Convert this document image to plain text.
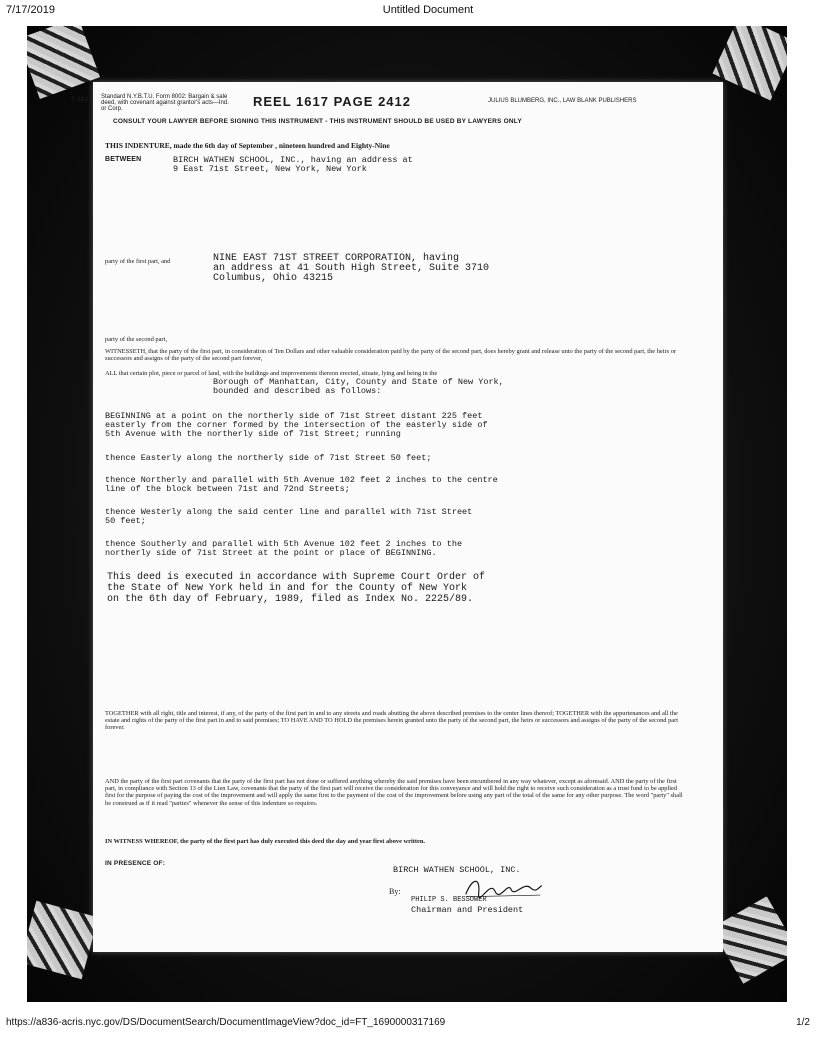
7/17/2019	Untitled Document
T 681 Standard N.Y.B.T.U. Form 8002: Bargain & sale deed, with covenant against grantor's acts—Ind. or Corp.	REEL 1617 PAGE 2412	JULIUS BLUMBERG, INC., LAW BLANK PUBLISHERS
CONSULT YOUR LAWYER BEFORE SIGNING THIS INSTRUMENT - THIS INSTRUMENT SHOULD BE USED BY LAWYERS ONLY
THIS INDENTURE, made the 6th day of September , nineteen hundred and Eighty-Nine
BETWEEN	BIRCH WATHEN SCHOOL, INC., having an address at
9 East 71st Street, New York, New York
party of the first part, and	NINE EAST 71ST STREET CORPORATION, having
an address at 41 South High Street, Suite 3710
Columbus, Ohio 43215
party of the second part,
WITNESSETH, that the party of the first part, in consideration of Ten Dollars and other valuable consideration paid by the party of the second part, does hereby grant and release unto the party of the second part, the heirs or successors and assigns of the party of the second part forever,
ALL that certain plot, piece or parcel of land, with the buildings and improvements thereon erected, situate, lying and being in the
Borough of Manhattan, City, County and State of New York,
bounded and described as follows:
BEGINNING at a point on the northerly side of 71st Street distant 225 feet
easterly from the corner formed by the intersection of the easterly side of
5th Avenue with the northerly side of 71st Street; running
thence Easterly along the northerly side of 71st Street 50 feet;
thence Northerly and parallel with 5th Avenue 102 feet 2 inches to the centre
line of the block between 71st and 72nd Streets;
thence Westerly along the said center line and parallel with 71st Street
50 feet;
thence Southerly and parallel with 5th Avenue 102 feet 2 inches to the
northerly side of 71st Street at the point or place of BEGINNING.
This deed is executed in accordance with Supreme Court Order of
the State of New York held in and for the County of New York
on the 6th day of February, 1989, filed as Index No. 2225/89.
TOGETHER with all right, title and interest, if any, of the party of the first part in and to any streets and roads abutting the above described premises to the center lines thereof; TOGETHER with the appurtenances and all the estate and rights of the party of the first part in and to said premises; TO HAVE AND TO HOLD the premises herein granted unto the party of the second part, the heirs or successors and assigns of the party of the second part forever.
AND the party of the first part covenants that the party of the first part has not done or suffered anything whereby the said premises have been encumbered in any way whatever, except as aforesaid. AND the party of the first part, in compliance with Section 13 of the Lien Law, covenants that the party of the first part will receive the consideration for this conveyance and will hold the right to receive such consideration as a trust fund to be applied first for the purpose of paying the cost of the improvement and will apply the same first to the payment of the cost of the improvement before using any part of the total of the same for any other purpose. The word "party" shall be construed as if it read "parties" whenever the sense of this indenture so requires.
IN WITNESS WHEREOF, the party of the first part has duly executed this deed the day and year first above written.
IN PRESENCE OF:
BIRCH WATHEN SCHOOL, INC.
By:
PHILIP S. BESSOWER
Chairman and President
https://a836-acris.nyc.gov/DS/DocumentSearch/DocumentImageView?doc_id=FT_1690000317169	1/2
